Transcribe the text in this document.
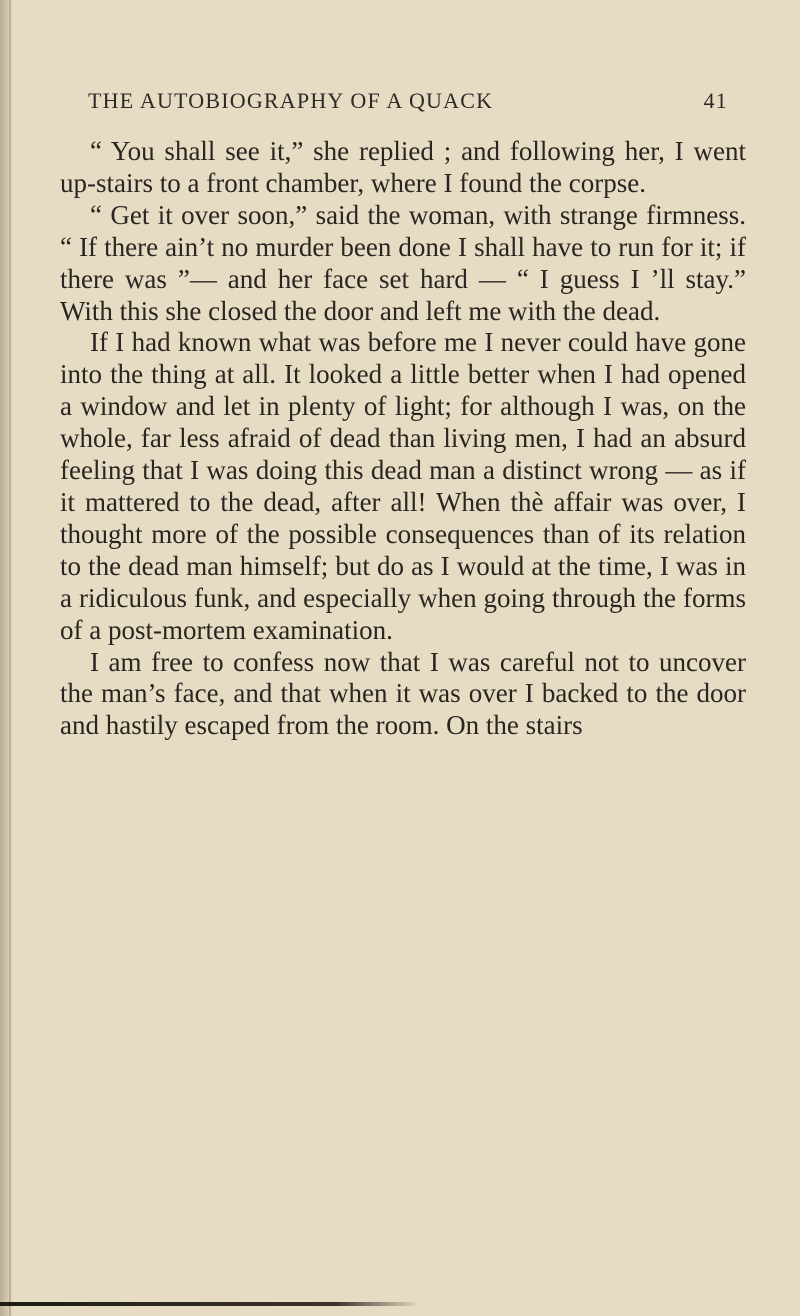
THE AUTOBIOGRAPHY OF A QUACK	41

“ You shall see it,” she replied ; and following her, I went up-stairs to a front chamber, where I found the corpse.

“ Get it over soon,” said the woman, with strange firmness. “ If there ain’t no murder been done I shall have to run for it; if there was ”— and her face set hard — “ I guess I ’ll stay.” With this she closed the door and left me with the dead.

If I had known what was before me I never could have gone into the thing at all. It looked a little better when I had opened a window and let in plenty of light; for although I was, on the whole, far less afraid of dead than living men, I had an absurd feeling that I was doing this dead man a distinct wrong — as if it mattered to the dead, after all! When thè affair was over, I thought more of the possible consequences than of its relation to the dead man himself; but do as I would at the time, I was in a ridiculous funk, and especially when going through the forms of a post-mortem examination.

I am free to confess now that I was careful not to uncover the man’s face, and that when it was over I backed to the door and hastily escaped from the room. On the stairs
